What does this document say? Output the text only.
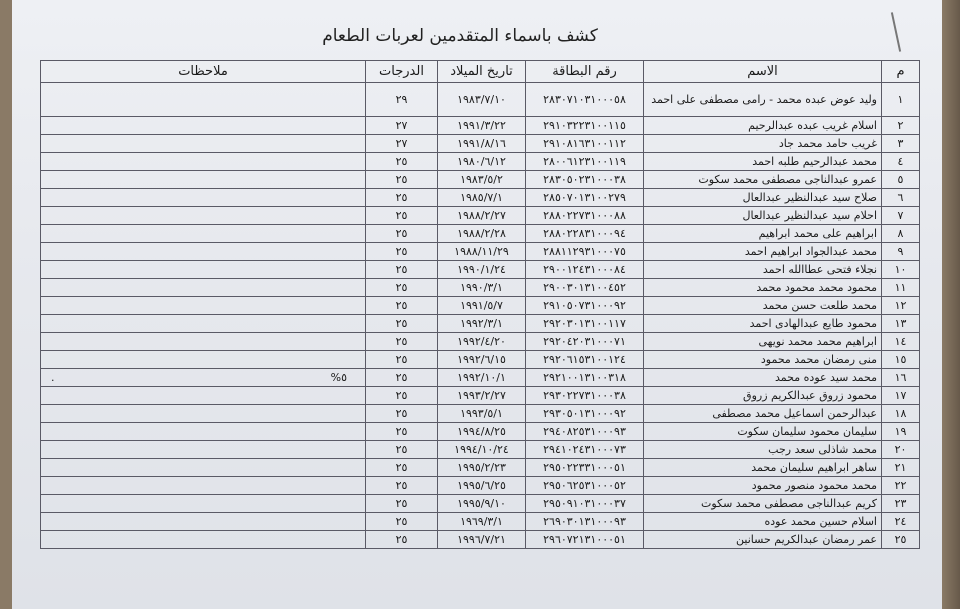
كشف باسماء المتقدمين لعربات الطعام
م	الاسم	رقم البطاقة	تاريخ الميلاد	الدرجات	ملاحظات
١	وليد عوض عبده محمد - رامى مصطفى على احمد	٢٨٣٠٧١٠٣١٠٠٠٥٨	١٩٨٣/٧/١٠	٢٩	

٢	اسلام غريب عبده عبدالرحيم	٢٩١٠٣٢٢٣١٠٠١١٥	١٩٩١/٣/٢٢	٢٧	

٣	غريب حامد محمد جاد	٢٩١٠٨١٦٣١٠٠١١٢	١٩٩١/٨/١٦	٢٧	

٤	محمد عبدالرحيم طلبه احمد	٢٨٠٠٦١٢٣١٠٠١١٩	١٩٨٠/٦/١٢	٢٥	

٥	عمرو عبدالناجى مصطفى محمد سكوت	٢٨٣٠٥٠٢٣١٠٠٠٣٨	١٩٨٣/٥/٢	٢٥	

٦	صلاح سيد عبدالنظير عبدالعال	٢٨٥٠٧٠١٣١٠٠٢٧٩	١٩٨٥/٧/١	٢٥	

٧	احلام سيد عبدالنظير عبدالعال	٢٨٨٠٢٢٧٣١٠٠٠٨٨	١٩٨٨/٢/٢٧	٢٥	

٨	ابراهيم على محمد ابراهيم	٢٨٨٠٢٢٨٣١٠٠٠٩٤	١٩٨٨/٢/٢٨	٢٥	

٩	محمد عبدالجواد ابراهيم احمد	٢٨٨١١٢٩٣١٠٠٠٧٥	١٩٨٨/١١/٢٩	٢٥	

١٠	نجلاء فتحى عطاالله احمد	٢٩٠٠١٢٤٣١٠٠٠٨٤	١٩٩٠/١/٢٤	٢٥	

١١	محمود محمد محمود محمد	٢٩٠٠٣٠١٣١٠٠٤٥٢	١٩٩٠/٣/١	٢٥	

١٢	محمد طلعت حسن محمد	٢٩١٠٥٠٧٣١٠٠٠٩٢	١٩٩١/٥/٧	٢٥	

١٣	محمود طايع عبدالهادى احمد	٢٩٢٠٣٠١٣١٠٠١١٧	١٩٩٢/٣/١	٢٥	

١٤	ابراهيم محمد محمد نويهى	٢٩٢٠٤٢٠٣١٠٠٠٧١	١٩٩٢/٤/٢٠	٢٥	

١٥	منى رمضان محمد محمود	٢٩٢٠٦١٥٣١٠٠١٢٤	١٩٩٢/٦/١٥	٢٥	

١٦	محمد سيد عوده محمد	٢٩٢١٠٠١٣١٠٠٣١٨	١٩٩٢/١٠/١	٢٥	٥%
.

١٧	محمود زروق عبدالكريم زروق	٢٩٣٠٢٢٧٣١٠٠٠٣٨	١٩٩٣/٢/٢٧	٢٥	

١٨	عبدالرحمن اسماعيل محمد مصطفى	٢٩٣٠٥٠١٣١٠٠٠٩٢	١٩٩٣/٥/١	٢٥	

١٩	سليمان محمود سليمان سكوت	٢٩٤٠٨٢٥٣١٠٠٠٩٣	١٩٩٤/٨/٢٥	٢٥	

٢٠	محمد شاذلى سعد رجب	٢٩٤١٠٢٤٣١٠٠٠٧٣	١٩٩٤/١٠/٢٤	٢٥	

٢١	ساهر ابراهيم سليمان محمد	٢٩٥٠٢٢٣٣١٠٠٠٥١	١٩٩٥/٢/٢٣	٢٥	

٢٢	محمد محمود منصور محمود	٢٩٥٠٦٢٥٣١٠٠٠٥٢	١٩٩٥/٦/٢٥	٢٥	

٢٣	كريم عبدالناجى مصطفى محمد سكوت	٢٩٥٠٩١٠٣١٠٠٠٣٧	١٩٩٥/٩/١٠	٢٥	

٢٤	اسلام حسين محمد عوده	٢٦٩٠٣٠١٣١٠٠٠٩٣	١٩٦٩/٣/١	٢٥	

٢٥	عمر رمضان عبدالكريم حسانين	٢٩٦٠٧٢١٣١٠٠٠٥١	١٩٩٦/٧/٢١	٢٥	
